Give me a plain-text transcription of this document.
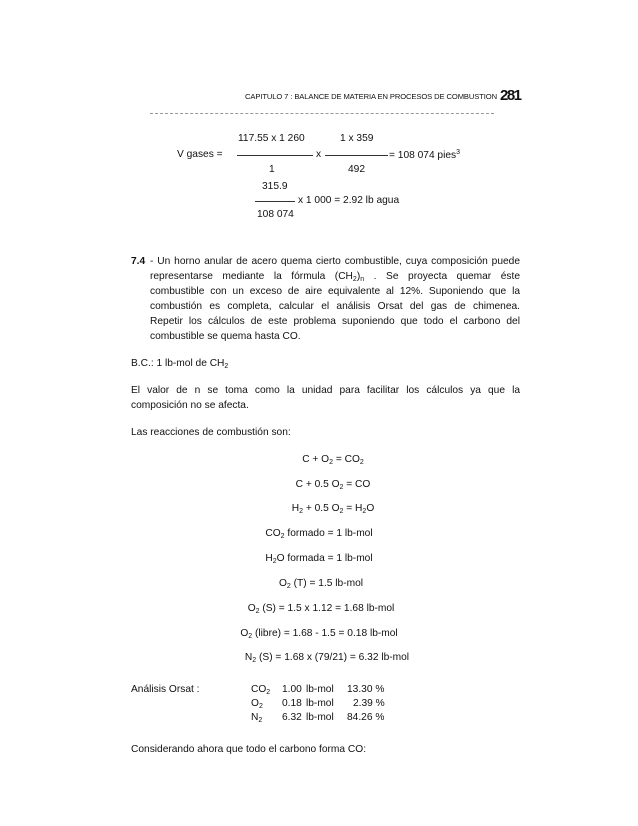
CAPITULO 7 : BALANCE DE MATERIA EN PROCESOS DE COMBUSTION 281
117.55 x 1 260	1 x 359
V gases =	x	= 108 074 pies$^3$
1	492
315.9
x 1 000 = 2.92 lb agua
108 074
7.4 - Un horno anular de acero quema cierto combustible, cuya composición puede
representarse mediante la fórmula $(CH_2)_n$ . Se proyecta quemar éste
combustible con un exceso de aire equivalente al 12%. Suponiendo que la
combustión es completa, calcular el análisis Orsat del gas de chimenea.
Repetir los cálculos de este problema suponiendo que todo el carbono del
combustible se quema hasta CO.
B.C.: 1 lb-mol de $CH_2$
El valor de n se toma como la unidad para facilitar los cálculos ya que la
composición no se afecta.
Las reacciones de combustión son:
$C + O_2 = CO_2$
C + 0.5 $O_2$ = CO
$H_2 + 0.5$ $O_2 = H_2O$
$CO_2$ formado = 1 lb-mol
$H_2O$ formada = 1 lb-mol
$O_2$ (T) = 1.5 lb-mol
$O_2$ (S) = 1.5 x 1.12 = 1.68 lb-mol
$O_2$ (libre) = 1.68 - 1.5 = 0.18 lb-mol
$N_2$ (S) = 1.68 x (79/21) = 6.32 lb-mol
Análisis Orsat :	$CO_2$ 1.00 lb-mol 13.30 %
$O_2$ 0.18 lb-mol 2.39 %
$N_2$ 6.32 lb-mol 84.26 %
Considerando ahora que todo el carbono forma CO:
